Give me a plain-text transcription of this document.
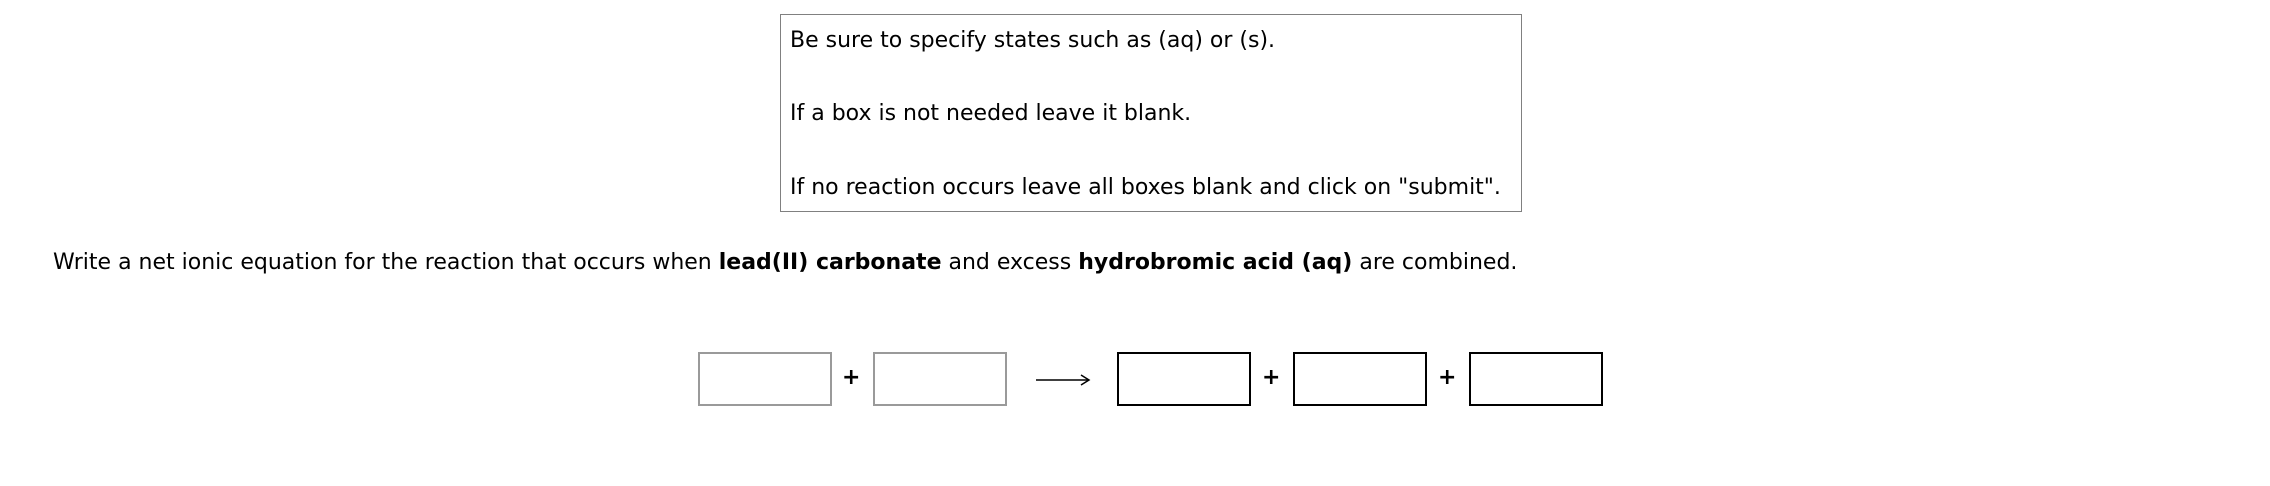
Be sure to specify states such as (aq) or (s).
If a box is not needed leave it blank.
If no reaction occurs leave all boxes blank and click on "submit".
Write a net ionic equation for the reaction that occurs when lead(II) carbonate and excess hydrobromic acid (aq) are combined.
+	+	+
